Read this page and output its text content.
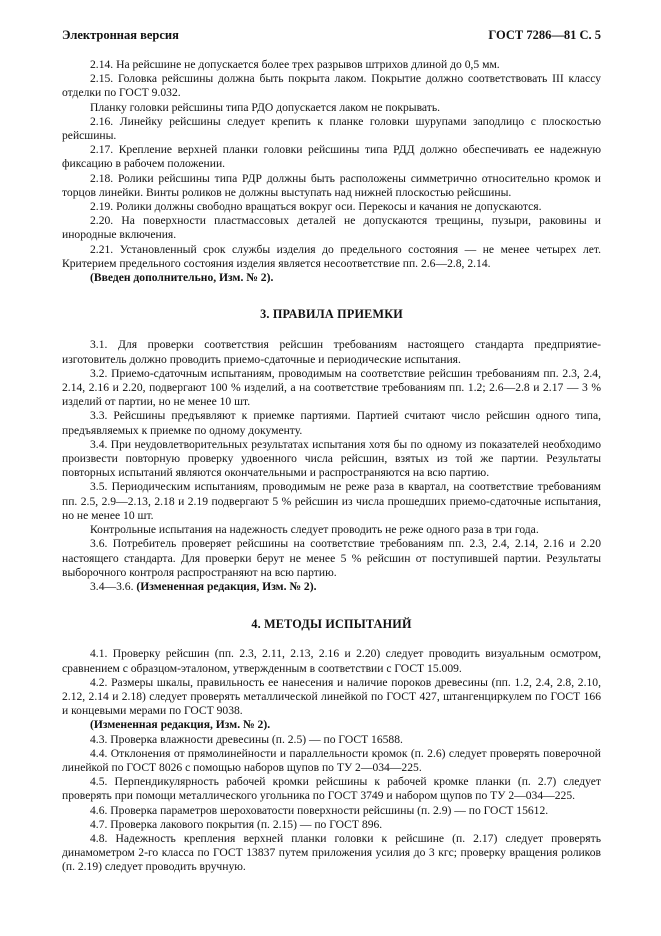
Электронная версия	ГОСТ 7286—81 С. 5

2.14. На рейсшине не допускается более трех разрывов штрихов длиной до 0,5 мм.

2.15. Головка рейсшины должна быть покрыта лаком. Покрытие должно соответствовать III классу отделки по ГОСТ 9.032.

Планку головки рейсшины типа РДО допускается лаком не покрывать.

2.16. Линейку рейсшины следует крепить к планке головки шурупами заподлицо с плоскостью рейсшины.

2.17. Крепление верхней планки головки рейсшины типа РДД должно обеспечивать ее надежную фиксацию в рабочем положении.

2.18. Ролики рейсшины типа РДР должны быть расположены симметрично относительно кромок и торцов линейки. Винты роликов не должны выступать над нижней плоскостью рейсшины.

2.19. Ролики должны свободно вращаться вокруг оси. Перекосы и качания не допускаются.

2.20. На поверхности пластмассовых деталей не допускаются трещины, пузыри, раковины и инородные включения.

2.21. Установленный срок службы изделия до предельного состояния — не менее четырех лет. Критерием предельного состояния изделия является несоответствие пп. 2.6—2.8, 2.14.

(Введен дополнительно, Изм. № 2).

3. ПРАВИЛА ПРИЕМКИ

3.1. Для проверки соответствия рейсшин требованиям настоящего стандарта предприятие-изготовитель должно проводить приемо-сдаточные и периодические испытания.

3.2. Приемо-сдаточным испытаниям, проводимым на соответствие рейсшин требованиям пп. 2.3, 2.4, 2.14, 2.16 и 2.20, подвергают 100 % изделий, а на соответствие требованиям пп. 1.2; 2.6—2.8 и 2.17 — 3 % изделий от партии, но не менее 10 шт.

3.3. Рейсшины предъявляют к приемке партиями. Партией считают число рейсшин одного типа, предъявляемых к приемке по одному документу.

3.4. При неудовлетворительных результатах испытания хотя бы по одному из показателей необходимо произвести повторную проверку удвоенного числа рейсшин, взятых из той же партии. Результаты повторных испытаний являются окончательными и распространяются на всю партию.

3.5. Периодическим испытаниям, проводимым не реже раза в квартал, на соответствие требованиям пп. 2.5, 2.9—2.13, 2.18 и 2.19 подвергают 5 % рейсшин из числа прошедших приемо-сдаточные испытания, но не менее 10 шт.

Контрольные испытания на надежность следует проводить не реже одного раза в три года.

3.6. Потребитель проверяет рейсшины на соответствие требованиям пп. 2.3, 2.4, 2.14, 2.16 и 2.20 настоящего стандарта. Для проверки берут не менее 5 % рейсшин от поступившей партии. Результаты выборочного контроля распространяют на всю партию.

3.4—3.6. (Измененная редакция, Изм. № 2).

4. МЕТОДЫ ИСПЫТАНИЙ

4.1. Проверку рейсшин (пп. 2.3, 2.11, 2.13, 2.16 и 2.20) следует проводить визуальным осмотром, сравнением с образцом-эталоном, утвержденным в соответствии с ГОСТ 15.009.

4.2. Размеры шкалы, правильность ее нанесения и наличие пороков древесины (пп. 1.2, 2.4, 2.8, 2.10, 2.12, 2.14 и 2.18) следует проверять металлической линейкой по ГОСТ 427, штангенциркулем по ГОСТ 166 и концевыми мерами по ГОСТ 9038.

(Измененная редакция, Изм. № 2).

4.3. Проверка влажности древесины (п. 2.5) — по ГОСТ 16588.

4.4. Отклонения от прямолинейности и параллельности кромок (п. 2.6) следует проверять поверочной линейкой по ГОСТ 8026 с помощью наборов щупов по ТУ 2—034—225.

4.5. Перпендикулярность рабочей кромки рейсшины к рабочей кромке планки (п. 2.7) следует проверять при помощи металлического угольника по ГОСТ 3749 и набором щупов по ТУ 2—034—225.

4.6. Проверка параметров шероховатости поверхности рейсшины (п. 2.9) — по ГОСТ 15612.

4.7. Проверка лакового покрытия (п. 2.15) — по ГОСТ 896.

4.8. Надежность крепления верхней планки головки к рейсшине (п. 2.17) следует проверять динамометром 2-го класса по ГОСТ 13837 путем приложения усилия до 3 кгс; проверку вращения роликов (п. 2.19) следует проводить вручную.
